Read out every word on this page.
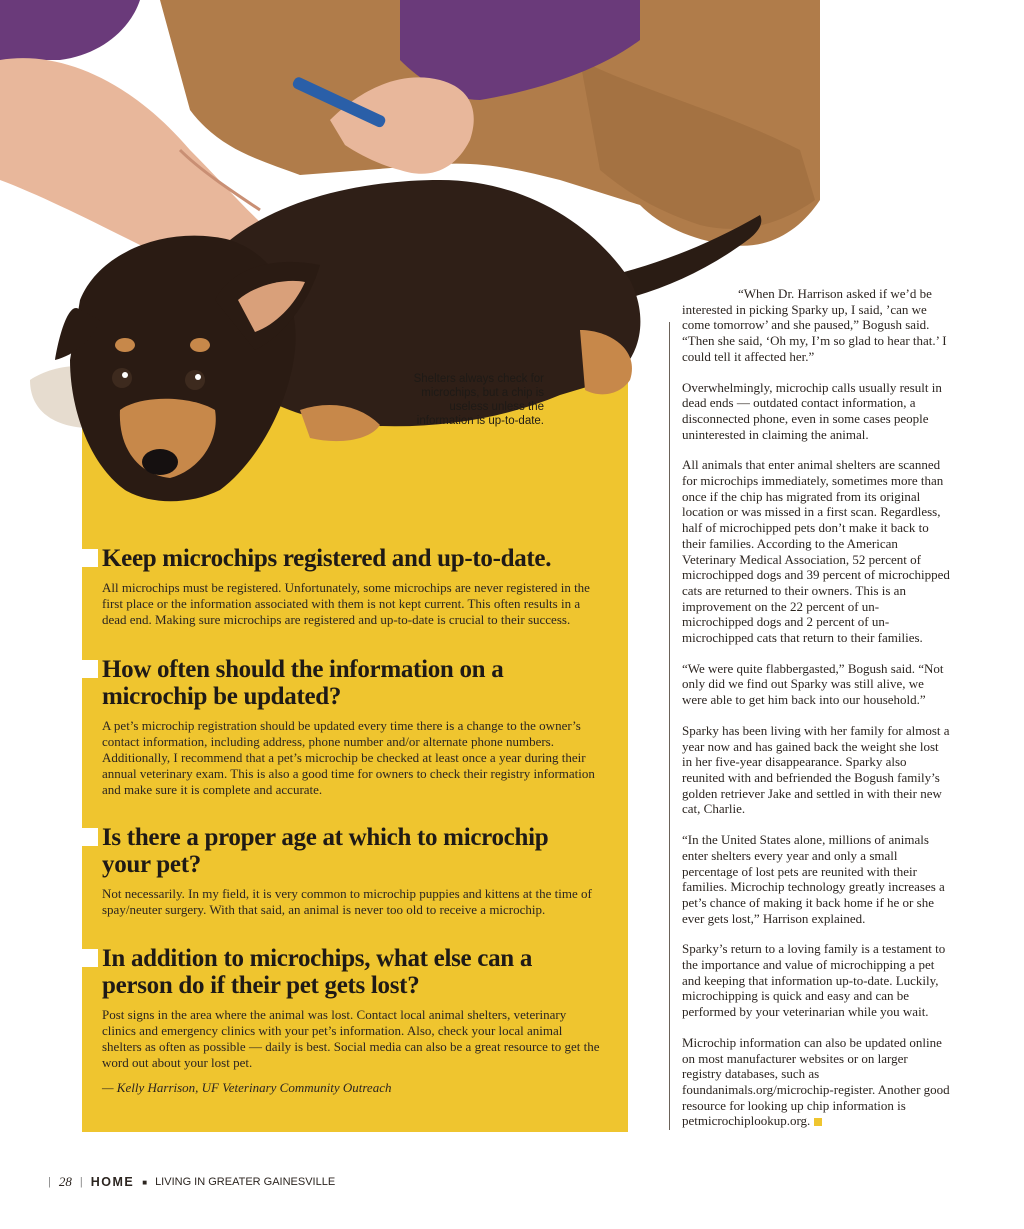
Shelters always check for microchips, but a chip is useless unless the information is up-to-date.
Keep microchips registered and up-to-date.

All microchips must be registered. Unfortunately, some microchips are never registered in the first place or the information associated with them is not kept current. This often results in a dead end. Making sure microchips are registered and up-to-date is crucial to their success.

How often should the information on a microchip be updated?

A pet’s microchip registration should be updated every time there is a change to the owner’s contact information, including address, phone number and/or alternate phone numbers. Additionally, I recommend that a pet’s microchip be checked at least once a year during their annual veterinary exam. This is also a good time for owners to check their registry information and make sure it is complete and accurate.

Is there a proper age at which to microchip your pet?

Not necessarily. In my field, it is very common to microchip puppies and kittens at the time of spay/neuter surgery. With that said, an animal is never too old to receive a microchip.

In addition to microchips, what else can a person do if their pet gets lost?

Post signs in the area where the animal was lost. Contact local animal shelters, veterinary clinics and emergency clinics with your pet’s information. Also, check your local animal shelters as often as possible — daily is best. Social media can also be a great resource to get the word out about your lost pet.

— Kelly Harrison, UF Veterinary Community Outreach

“When Dr. Harrison asked if we’d be interested in picking Sparky up, I said, ’can we come tomorrow’ and she paused,” Bogush said. “Then she said, ‘Oh my, I’m so glad to hear that.’ I could tell it affected her.”

Overwhelmingly, microchip calls usually result in dead ends — outdated contact information, a disconnected phone, even in some cases people uninterested in claiming the animal.

All animals that enter animal shelters are scanned for microchips immediately, sometimes more than once if the chip has migrated from its original location or was missed in a first scan. Regardless, half of microchipped pets don’t make it back to their families. According to the American Veterinary Medical Association, 52 percent of microchipped dogs and 39 percent of microchipped cats are returned to their owners. This is an improvement on the 22 percent of un-microchipped dogs and 2 percent of un-microchipped cats that return to their families.

“We were quite flabbergasted,” Bogush said. “Not only did we find out Sparky was still alive, we were able to get him back into our household.”

Sparky has been living with her family for almost a year now and has gained back the weight she lost in her five-year disappearance. Sparky also reunited with and befriended the Bogush family’s golden retriever Jake and settled in with their new cat, Charlie.

“In the United States alone, millions of animals enter shelters every year and only a small percentage of lost pets are reunited with their families. Microchip technology greatly increases a pet’s chance of making it back home if he or she ever gets lost,” Harrison explained.

Sparky’s return to a loving family is a testament to the importance and value of microchipping a pet and keeping that information up-to-date. Luckily, microchipping is quick and easy and can be performed by your veterinarian while you wait.

Microchip information can also be updated online on most manufacturer websites or on larger registry databases, such as foundanimals.org/microchip-register. Another good resource for looking up chip information is petmicrochiplookup.org.

| 28 | HOME ■ LIVING IN GREATER GAINESVILLE
